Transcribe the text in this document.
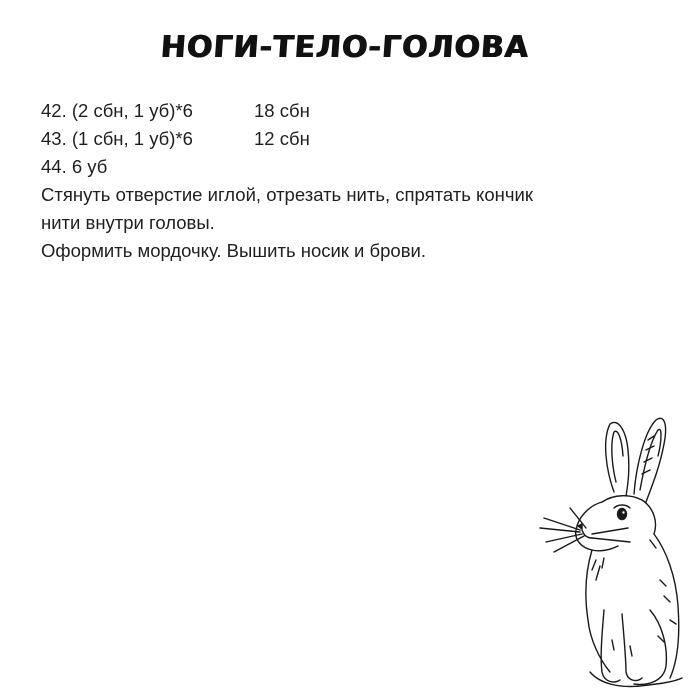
НОГИ-ТЕЛО-ГОЛОВА
42. (2 сбн, 1 уб)*6	18 сбн
43. (1 сбн, 1 уб)*6	12 сбн
44. 6 уб
Стянуть отверстие иглой, отрезать нить, спрятать кончик
нити внутри головы.
Оформить мордочку. Вышить носик и брови.
